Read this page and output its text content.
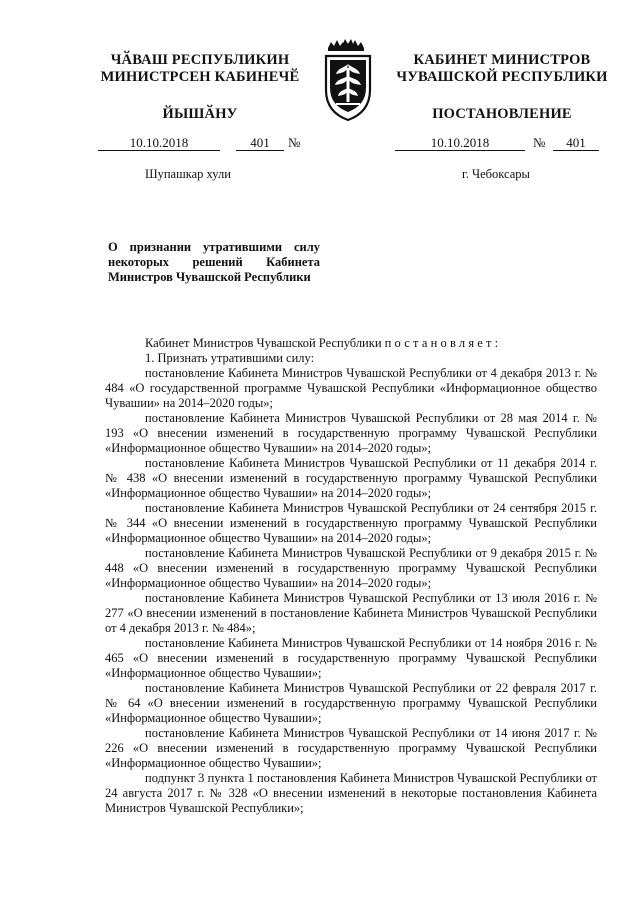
ЧӐВАШ РЕСПУБЛИКИН
МИНИСТРСЕН КАБИНЕЧӖ
ЙЫШӐНУ
КАБИНЕТ МИНИСТРОВ
ЧУВАШСКОЙ РЕСПУБЛИКИ
ПОСТАНОВЛЕНИЕ
10.10.2018	401	№	10.10.2018	№	401
Шупашкар хули	г. Чебоксары
О признании утратившими силу некоторых решений Кабинета Министров Чувашской Республики

Кабинет Министров Чувашской Республики постановляет:

1. Признать утратившими силу:

постановление Кабинета Министров Чувашской Республики от 4 декабря 2013 г. № 484 «О государственной программе Чувашской Республики «Информационное общество Чувашии» на 2014–2020 годы»;

постановление Кабинета Министров Чувашской Республики от 28 мая 2014 г. № 193 «О внесении изменений в государственную программу Чувашской Республики «Информационное общество Чувашии» на 2014–2020 годы»;

постановление Кабинета Министров Чувашской Республики от 11 декабря 2014 г. № 438 «О внесении изменений в государственную программу Чувашской Республики «Информационное общество Чувашии» на 2014–2020 годы»;

постановление Кабинета Министров Чувашской Республики от 24 сентября 2015 г. № 344 «О внесении изменений в государственную программу Чувашской Республики «Информационное общество Чувашии» на 2014–2020 годы»;

постановление Кабинета Министров Чувашской Республики от 9 декабря 2015 г. № 448 «О внесении изменений в государственную программу Чувашской Республики «Информационное общество Чувашии» на 2014–2020 годы»;

постановление Кабинета Министров Чувашской Республики от 13 июля 2016 г. № 277 «О внесении изменений в постановление Кабинета Министров Чувашской Республики от 4 декабря 2013 г. № 484»;

постановление Кабинета Министров Чувашской Республики от 14 ноября 2016 г. № 465 «О внесении изменений в государственную программу Чувашской Республики «Информационное общество Чувашии»;

постановление Кабинета Министров Чувашской Республики от 22 февраля 2017 г. № 64 «О внесении изменений в государственную программу Чувашской Республики «Информационное общество Чувашии»;

постановление Кабинета Министров Чувашской Республики от 14 июня 2017 г. № 226 «О внесении изменений в государственную программу Чувашской Республики «Информационное общество Чувашии»;

подпункт 3 пункта 1 постановления Кабинета Министров Чувашской Республики от 24 августа 2017 г. № 328 «О внесении изменений в некоторые постановления Кабинета Министров Чувашской Республики»;
